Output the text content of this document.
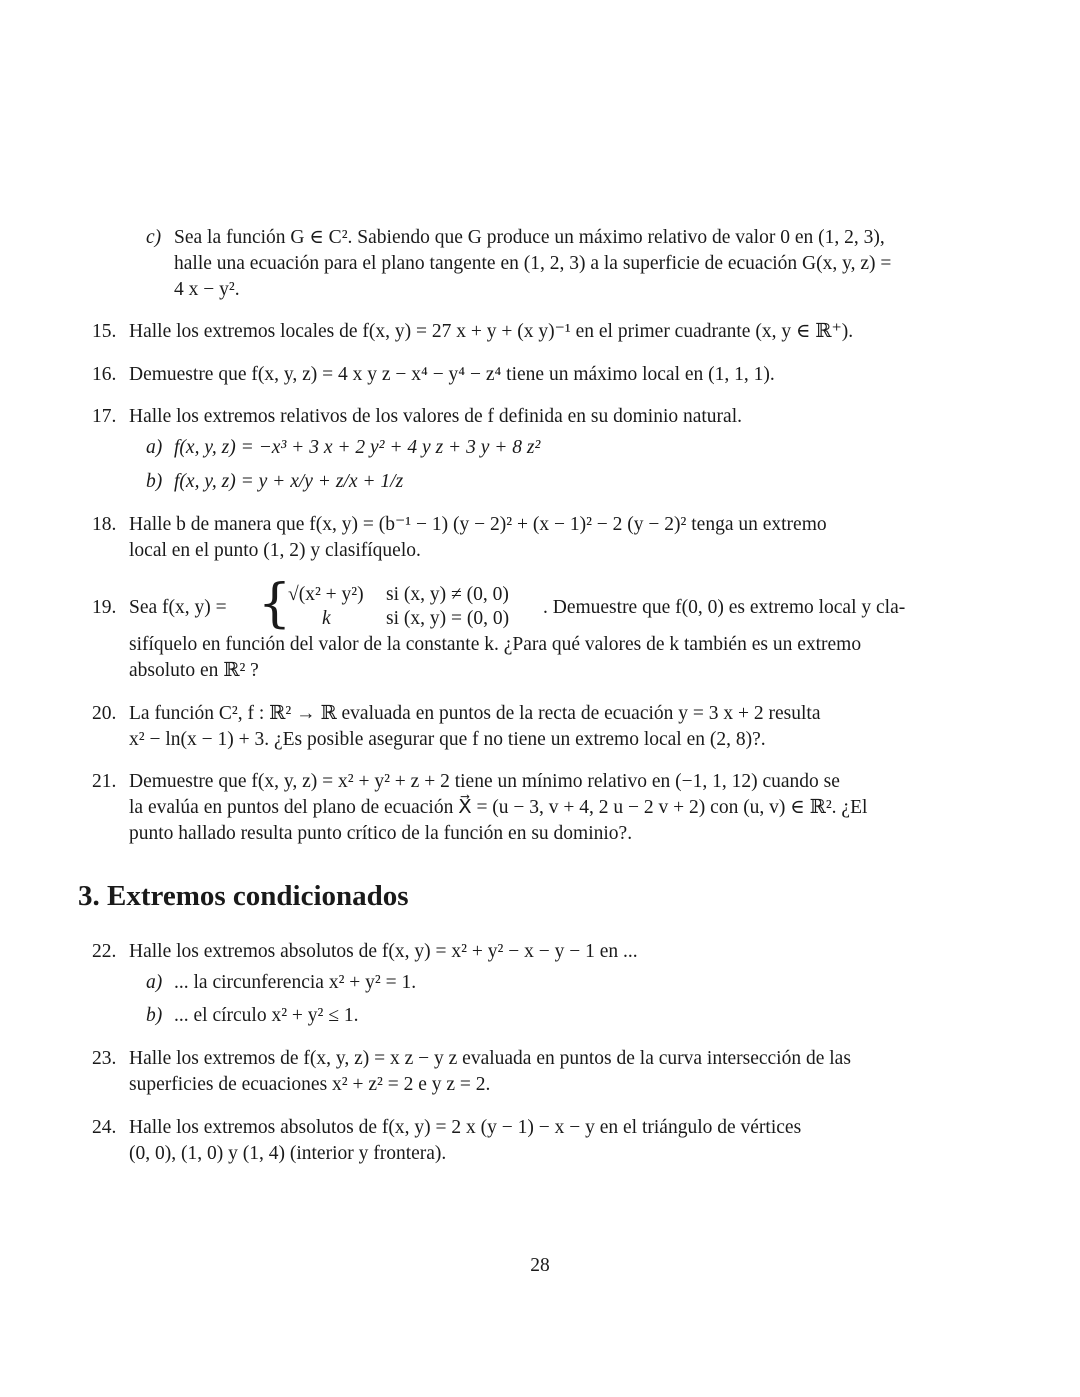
c) Sea la función G ∈ C². Sabiendo que G produce un máximo relativo de valor 0 en (1, 2, 3),
halle una ecuación para el plano tangente en (1, 2, 3) a la superficie de ecuación G(x, y, z) =
4 x − y².
15. Halle los extremos locales de f(x, y) = 27 x + y + (x y)⁻¹ en el primer cuadrante (x, y ∈ ℝ⁺).
16. Demuestre que f(x, y, z) = 4 x y z − x⁴ − y⁴ − z⁴ tiene un máximo local en (1, 1, 1).
17. Halle los extremos relativos de los valores de f definida en su dominio natural.
a) f(x, y, z) = −x³ + 3 x + 2 y² + 4 y z + 3 y + 8 z²
b) f(x, y, z) = y + x/y + z/x + 1/z
18. Halle b de manera que f(x, y) = (b⁻¹ − 1) (y − 2)² + (x − 1)² − 2 (y − 2)² tenga un extremo
local en el punto (1, 2) y clasifíquelo.
19. Sea f(x, y) = {
√(x² + y²) si (x, y) ≠ (0, 0)
k	si (x, y) = (0, 0)
. Demuestre que f(0, 0) es extremo local y cla-
sifíquelo en función del valor de la constante k. ¿Para qué valores de k también es un extremo
absoluto en ℝ² ?
20. La función C², f : ℝ² → ℝ evaluada en puntos de la recta de ecuación y = 3 x + 2 resulta
x² − ln(x − 1) + 3. ¿Es posible asegurar que f no tiene un extremo local en (2, 8)?.
21. Demuestre que f(x, y, z) = x² + y² + z + 2 tiene un mínimo relativo en (−1, 1, 12) cuando se
la evalúa en puntos del plano de ecuación X⃗ = (u − 3, v + 4, 2 u − 2 v + 2) con (u, v) ∈ ℝ². ¿El
punto hallado resulta punto crítico de la función en su dominio?.
3. Extremos condicionados
22. Halle los extremos absolutos de f(x, y) = x² + y² − x − y − 1 en ...
a) ... la circunferencia x² + y² = 1.
b) ... el círculo x² + y² ≤ 1.
23. Halle los extremos de f(x, y, z) = x z − y z evaluada en puntos de la curva intersección de las
superficies de ecuaciones x² + z² = 2 e y z = 2.
24. Halle los extremos absolutos de f(x, y) = 2 x (y − 1) − x − y en el triángulo de vértices
(0, 0), (1, 0) y (1, 4) (interior y frontera).
28
